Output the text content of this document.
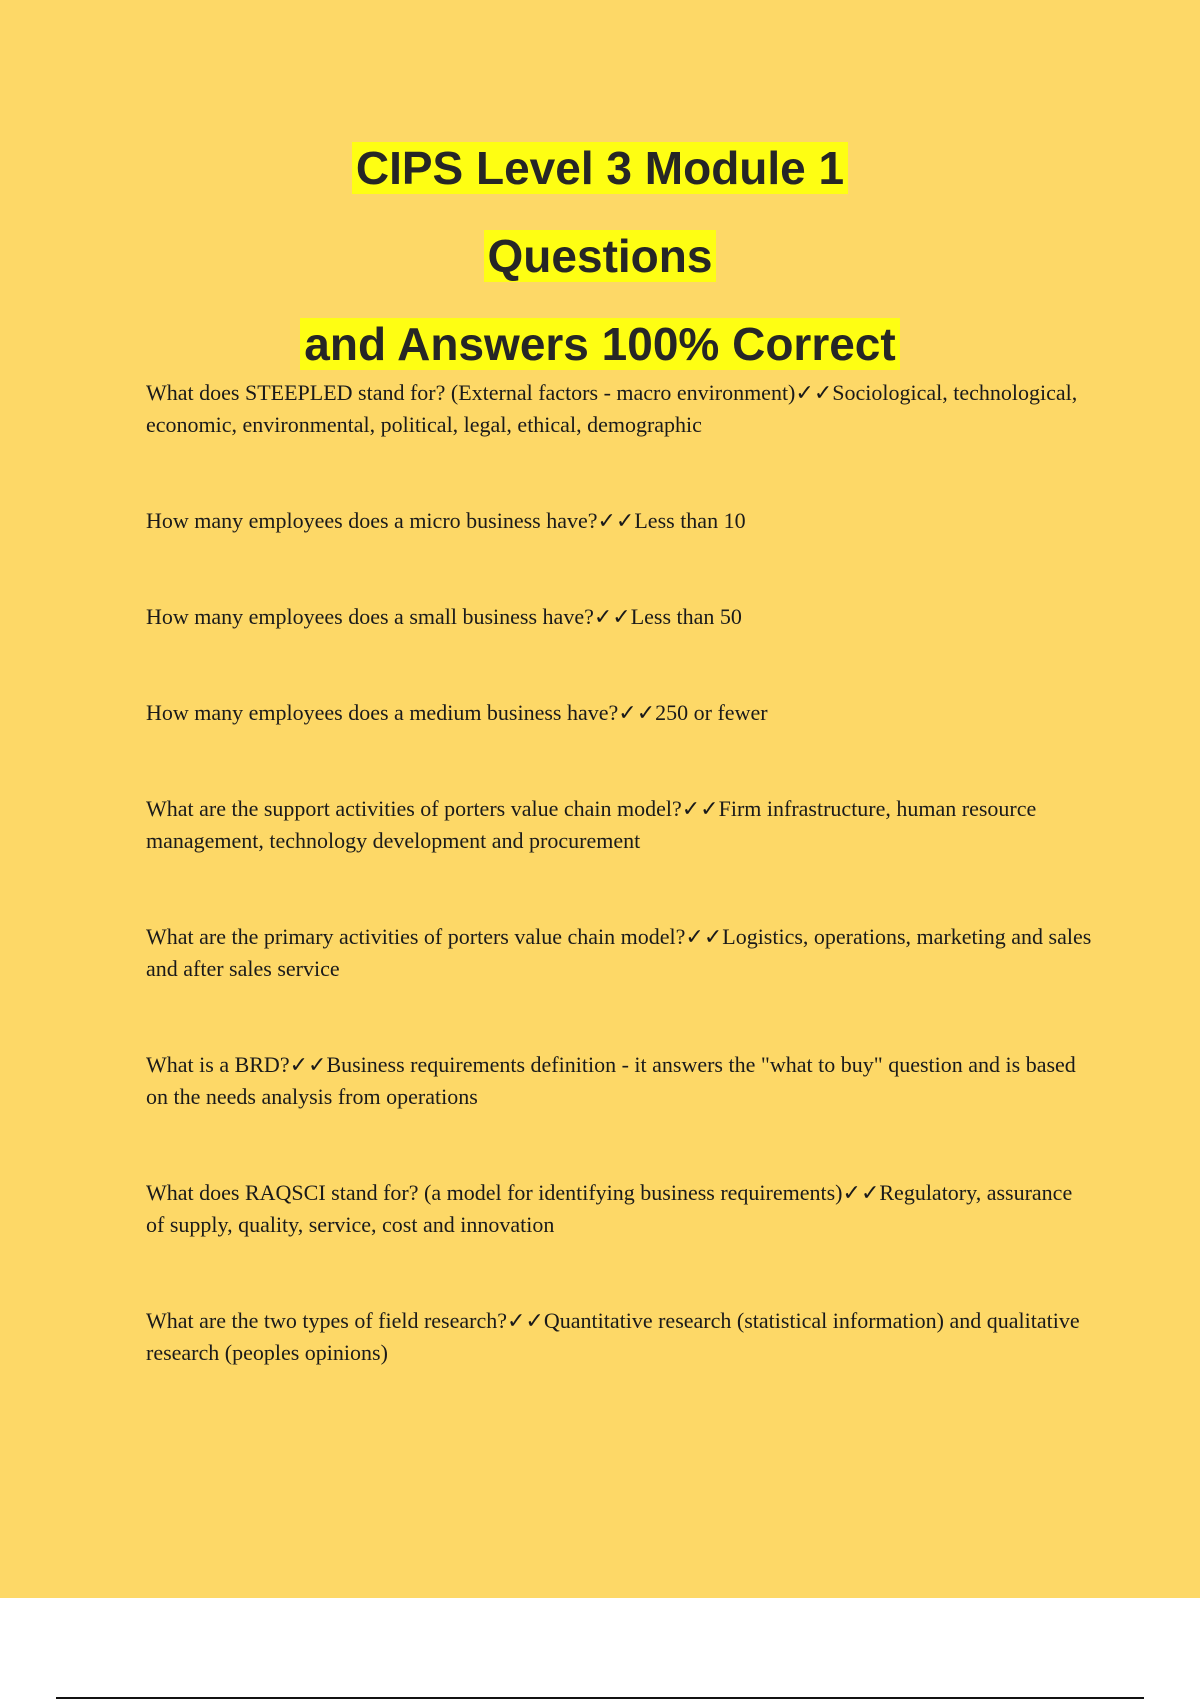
CIPS Level 3 Module 1
Questions
and Answers 100% Correct
What does STEEPLED stand for? (External factors - macro environment)✓✓Sociological, technological, economic, environmental, political, legal, ethical, demographic
How many employees does a micro business have?✓✓Less than 10
How many employees does a small business have?✓✓Less than 50
How many employees does a medium business have?✓✓250 or fewer
What are the support activities of porters value chain model?✓✓Firm infrastructure, human resource management, technology development and procurement
What are the primary activities of porters value chain model?✓✓Logistics, operations, marketing and sales and after sales service
What is a BRD?✓✓Business requirements definition - it answers the "what to buy" question and is based on the needs analysis from operations
What does RAQSCI stand for? (a model for identifying business requirements)✓✓Regulatory, assurance of supply, quality, service, cost and innovation
What are the two types of field research?✓✓Quantitative research (statistical information) and qualitative research (peoples opinions)
